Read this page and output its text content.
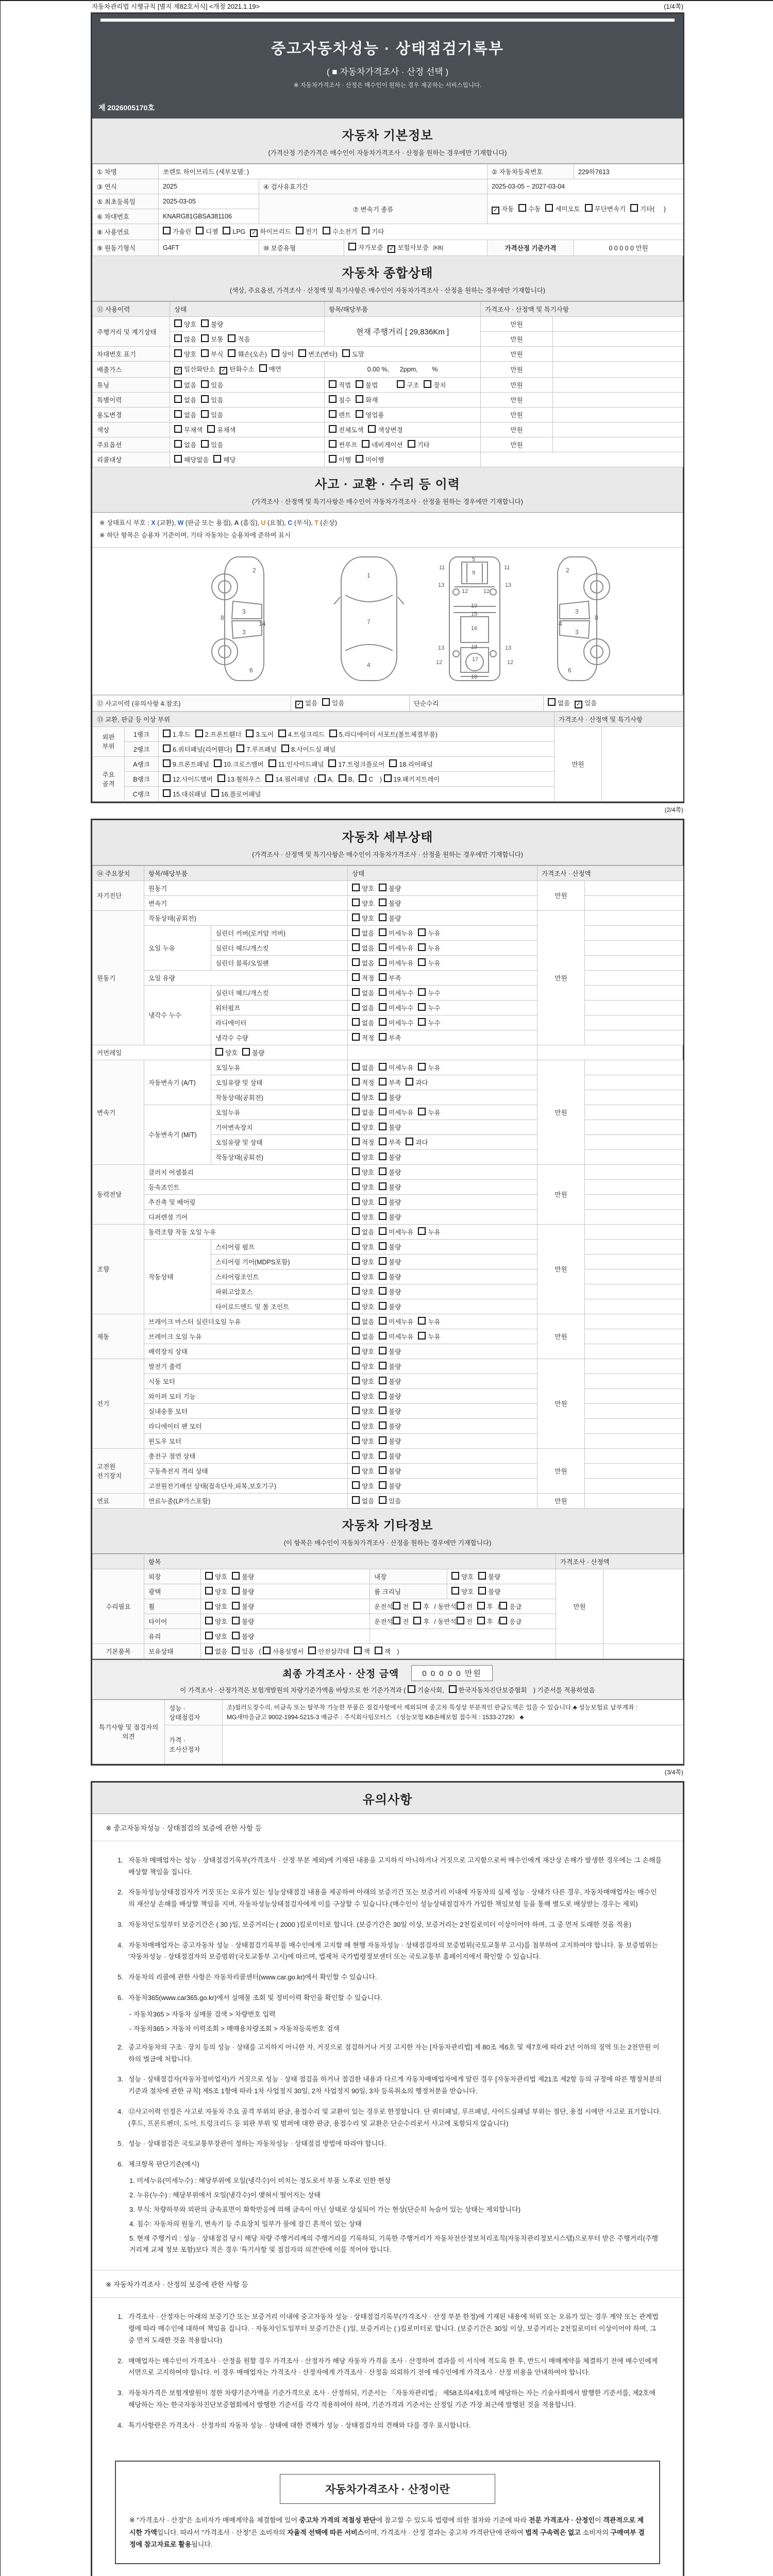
자동차관리법 시행규칙 [별지 제82호서식] <개정 2021.1.19>	(1/4쪽)
중고자동차성능 · 상태점검기록부
( ■ 자동차가격조사 · 산정 선택 )
※ 자동차가격조사 · 산정은 매수인이 원하는 경우 제공하는 서비스입니다.
제 2026005170호
자동차 기본정보
(가격산정 기준가격은 매수인이 자동차가격조사 · 산정을 원하는 경우에만 기재합니다)
① 차명	쏘렌토 하이브리드 (세부모델: )			② 자동차등록번호	229하7613
③ 연식	2025	④ 검사유효기간		2025-03-05 ~ 2027-03-04	
⑤ 최초등록일	2025-03-05	⑦ 변속기 종류		✓ 자동 수동 세미오토 무단변속기 기타(     )	
⑥ 차대번호	KNARG81GBSA381106				
⑧ 사용연료	가솔린 디젤 LPG ✓ 하이브리드 전기 수소전기 기타				
⑨ 원동기형식	G4FT	⑩ 보증유형	자가보증 ✓ 보험사보증 [KB]	가격산정 기준가격	0 0 0 0 0 만원
자동차 종합상태
(색상, 주요옵션, 가격조사 · 산정액 및 특기사항은 매수인이 자동차가격조사 · 산정을 원하는 경우에만 기재합니다)
⑪ 사용이력	상태	항목/해당부품	가격조사 · 산정액 및 특기사항	
주행거리 및 계기상태	양호 불량	현재 주행거리 [ 29,836Km ]	만원	
	많음 보통 적음		만원	
차대번호 표기	양호 부식 훼손(오손) 상이 변조(변타) 도말		만원	
배출가스	✓ 일산화탄소 ✓ 탄화수소 매연	0.00 %,      2ppm,        %	만원	
튜닝	없음 있음	적법 불법 구조 장치	만원	
특별이력	없음 있음	침수 화재	만원	
용도변경	없음 있음	렌트 영업용	만원	
색상	무채색 유채색	전체도색 색상변경	만원	
주요옵션	없음 있음	썬루프 네비게이션 기타	만원	
리콜대상	해당없음 해당	이행 미이행		
사고 · 교환 · 수리 등 이력
(가격조사 · 산정액 및 특기사항은 매수인이 자동차가격조사 · 산정을 원하는 경우에만 기재합니다)
※ 상태표시 부호 : X (교환), W (판금 또는 용접), A (흠집), U (요철), C (부식), T (손상)
※ 하단 항목은 승용차 기준이며, 기타 자동차는 승용차에 준하여 표시
2
8
3
14
3
6
1
7
4
5
9
11	11
13	13
12	12
10
15
16
13	13
12	12
19
17
18
2
8
3
4
3
6
⑫ 사고이력 (유의사항 4.참조)	✓ 없음 있음	단순수리	없음 ✓ 있음
⑬ 교환, 판금 등 이상 부위			가격조사 · 산정액 및 특기사항	
외판 부위	1랭크	1.후드 2.프론트휀더 3.도어 4.트렁크리드 5.라디에이터 서포트(볼트체결부품)	만원	
	2랭크	6.쿼터패널(리어휀다) 7.루프패널 8.사이드실 패널		
주요 골격	A랭크	9.프론트패널 10.크로스멤버 11.인사이드패널 17.트렁크플로어 18.리어패널		
	B랭크	12.사이드멤버 13.휠하우스 14.필러패널 ( A, B, C ) 19.패키지트레이		
	C랭크	15.대쉬패널 16.플로어패널		
(2/4쪽)
자동차 세부상태
(가격조사 · 산정액 및 특기사항은 매수인이 자동차가격조사 · 산정을 원하는 경우에만 기재합니다)
⑭ 주요장치	항목/해당부품		상태	가격조사 · 산정액	
자기진단	원동기		양호 불량	만원	
	변속기		양호 불량		
원동기	작동상태(공회전)		양호 불량	만원	
	오일 누유	실린더 커버(로커암 커버)	없음 미세누유 누유		
		실린더 헤드/개스킷	없음 미세누유 누유		
		실린더 블록/오일팬	없음 미세누유 누유		
	오일 유량		적정 부족		
	냉각수 누수	실린더 헤드/개스킷	없음 미세누수 누수		
		워터펌프	없음 미세누수 누수		
		라디에이터	없음 미세누수 누수		
		냉각수 수량	적정 부족		
커먼레일		양호 불량			
변속기	자동변속기 (A/T)	오일누유	없음 미세누유 누유	만원	
		오일유량 및 상태	적정 부족 과다		
		작동상태(공회전)	양호 불량		
	수동변속기 (M/T)	오일누유	없음 미세누유 누유		
		기어변속장치	양호 불량		
		오일유량 및 상태	적정 부족 과다		
		작동상태(공회전)	양호 불량		
동력전달	클러치 어셈블리		양호 불량	만원	
	등속죠인트		양호 불량		
	추진축 및 베어링		양호 불량		
	디퍼렌셜 기어		양호 불량		
조향	동력조향 작동 오일 누유		없음 미세누유 누유	만원	
	작동상태	스티어링 펌프	양호 불량		
		스티어링 기어(MDPS포함)	양호 불량		
		스티어링조인트	양호 불량		
		파워고압호스	양호 불량		
		타이로드엔드 및 볼 조인트	양호 불량		
제동	브레이크 마스터 실린더오일 누유		없음 미세누유 누유	만원	
	브레이크 오일 누유		없음 미세누유 누유		
	배력장치 상태		양호 불량		
전기	발전기 출력		양호 불량	만원	
	시동 모터		양호 불량		
	와이퍼 모터 기능		양호 불량		
	실내송풍 모터		양호 불량		
	라디에이터 팬 모터		양호 불량		
	윈도우 모터		양호 불량		
고전원 전기장치	충전구 절연 상태		양호 불량	만원	
	구동축전지 격리 상태		양호 불량		
	고전원전기배선 상태(접속단자,피복,보호기구)		양호 불량		
연료	연료누출(LP가스포함)		없음 있음	만원	
자동차 기타정보
(이 항목은 매수인이 자동차가격조사 · 산정을 원하는 경우에만 기재합니다)
	항목				가격조사 · 산정액	
수리필요	외장	양호 불량	내장	양호 불량	만원	
	광택	양호 불량	룸 크리닝	양호 불량		
	휠	양호 불량	운전석 전 후 / 동반석 전 후 / 응급			
	타이어	양호 불량	운전석 전 후 / 동반석 전 후 / 응급			
	유리	양호 불량				
기본품목	보유상태	없음 있음 ( 사용설명서 안전삼각대 잭 잭 )				
최종 가격조사 · 산정 금액	0 0 0 0 0 만원
이 가격조사 · 산정가격은 보험개발원의 차량기준가액을 바탕으로 한 기준가격과 ( 기술사회, 한국자동차진단보증협회 ) 기준서를 적용하였음
특기사항 및 점검자의 의견	성능 · 상태점검자	조)필러도장수리, 비금속 또는 탈부착 가능한 부품은 점검사항에서 제외되며 중고차 특성상 부분적인 판금도색은 있을 수 있습니다.♣ 성능보험료 납부계좌 : MG새마을금고 9002-1994-5215-3 예금주 : 주식회사팀모터스 《성능보험 KB손해보험 접수처 : 1533-2729》 ♣
	가격 · 조사산정자	
(3/4쪽)
유의사항
※ 중고자동차성능 · 상태점검의 보증에 관한 사항 등
1. 자동차 매매업자는 성능 · 상태점검기록부(가격조사 · 산정 부분 제외)에 기재된 내용을 고지하지 아니하거나 거짓으로 고지함으로써 매수인에게 재산상 손해가 발생한 경우에는 그 손해를 배상할 책임을 집니다.
2. 자동차성능상태점검자가 거짓 또는 오류가 있는 성능상태점검 내용을 제공하여 아래의 보증기간 또는 보증거리 이내에 자동차의 실제 성능 · 상태가 다른 경우, 자동차매매업자는 매수인의 재산상 손해를 배상할 책임을 지며, 자동차성능상태점검자에게 이를 구상할 수 있습니다.(매수인이 성능상태점검자가 가입한 책임보험 등을 통해 별도로 배상받는 경우는 제외)
3. 자동차인도일부터 보증기간은 ( 30 )일, 보증거리는 ( 2000 )킬로미터로 합니다. (보증기간은 30일 이상, 보증거리는 2천킬로미터 이상이어야 하며, 그 중 먼저 도래한 것을 적용)
4. 자동차매매업자는 중고자동차 성능 · 상태점검기록부를 매수인에게 고지할 때 현행 자동차성능 · 상태점검자의 보증범위(국토교통부 고시)를 첨부하여 고지하여야 합니다. 동 보증범위는 '자동차성능 · 상태점검자의 보증범위'(국토교통부 고시)에 따르며, 법제처 국가법령정보센터 또는 국토교통부 홈페이지에서 확인할 수 있습니다.
5. 자동차의 리콜에 관한 사항은 자동차리콜센터(www.car.go.kr)에서 확인할 수 있습니다.
6. 자동차365(www.car365.go.kr)에서 실매물 조회 및 정비이력 확인을 확인할 수 있습니다.
- 자동차365 > 자동차 실매물 검색 > 차량번호 입력
- 자동차365 > 자동차 이력조회 > 매매용차량조회 > 자동차등록번호 검색
2. 중고자동차의 구조 · 장치 등의 성능 · 상태를 고지하지 아니한 자, 거짓으로 점검하거나 거짓 고지한 자는 [자동차관리법] 제 80조 제6호 및 제7호에 따라 2년 이하의 징역 또는 2천만원 이하의 벌금에 처합니다.
3. 성능 · 상태점검자(자동차정비업자)가 거짓으로 성능 · 상태 점검을 하거나 점검한 내용과 다르게 자동차매매업자에게 알린 경우 [자동차관리법 제21조 제2항 등의 규정에 따른 행정처분의 기준과 절차에 관한 규칙] 제5조 1항에 따라 1차 사업정지 30일, 2차 사업정지 90일, 3차 등록취소의 행정처분을 받습니다.
4. ⑫사고이력 인정은 사고로 자동차 주요 골격 부위의 판금, 용접수리 및 교환이 있는 경우로 한정합니다. 단 쿼터패널, 루프패널, 사이드실패널 부위는 절단, 용접 시에만 사고로 표기합니다. (후드, 프론트펜더, 도어, 트렁크리드 등 외판 부위 및 범퍼에 대한 판금, 용접수리 및 교환은 단순수리로서 사고에 포함되지 않습니다)
5. 성능 · 상태점검은 국토교통부장관이 정하는 자동차성능 · 상태점검 방법에 따라야 합니다.
6. 체크항목 판단기준(예시)
1. 미세누유(미세누수) : 해당부위에 오일(냉각수)이 비치는 정도로서 부품 노후로 인한 현상
2. 누유(누수) : 해당부위에서 오일(냉각수)이 맺혀서 떨어지는 상태
3. 부식: 차량하부와 외판의 금속표면이 화학반응에 의해 금속이 아닌 상태로 상실되어 가는 현상(단순히 녹슬어 있는 상태는 제외합니다)
4. 침수: 자동차의 원동기, 변속기 등 주요장치 일부가 물에 잠긴 흔적이 있는 상태
5. 현재 주행거리 : 성능 · 상태점검 당시 해당 차량 주행거리계의 주행거리를 기록하되, 기록한 주행거리가 자동차전산정보처리조직(자동차관리정보시스템)으로부터 받은 주행거리(주행거리계 교체 정보 포함)보다 적은 경우 '특기사항 및 점검자의 의견'란에 이를 적어야 합니다.
※ 자동차가격조사 · 산정의 보증에 관한 사항 등
1. 가격조사 · 산정자는 아래의 보증기간 또는 보증거리 이내에 중고자동차 성능 · 상태점검기록부(가격조사 · 산정 부분 한정)에 기재된 내용에 허위 또는 오류가 있는 경우 계약 또는 관계법령에 따라 매수인에 대하여 책임을 집니다. · 자동차인도일부터 보증기간은 ( )일, 보증거리는 ( )킬로미터로 합니다. (보증기간은 30일 이상, 보증거리는 2천킬로미터 이상이어야 하며, 그 중 먼저 도래한 것을 적용합니다)
2. 매매업자는 매수인이 가격조사 · 산정을 원할 경우 가격조사 · 산정자가 해당 자동차 가격을 조사 · 산정하여 결과를 이 서식에 적도록 한 후, 반드시 매매계약을 체결하기 전에 매수인에게 서면으로 고지하여야 합니다. 이 경우 매매업자는 가격조사 · 산정자에게 가격조사 · 산정을 의뢰하기 전에 매수인에게 가격조사 · 산정 비용을 안내하여야 합니다.
3. 자동차가격은 보험개발원이 정한 차량기준가액을 기준가격으로 조사 · 산정하되, 기준서는 「자동차관리법」 제58조의4제1호에 해당하는 자는 기술사회에서 발행한 기준서를, 제2호에 해당하는 자는 한국자동차진단보증협회에서 발행한 기준서를 각각 적용하여야 하며, 기준가격과 기준서는 산정일 기준 가장 최근에 발행된 것을 적용합니다.
4. 특기사항란은 가격조사 · 산정자의 자동차 성능 · 상태에 대한 견해가 성능 · 상태점검자의 견해와 다를 경우 표시합니다.
자동차가격조사 · 산정이란
※ "가격조사 · 산정"은 소비자가 매매계약을 체결함에 있어 중고차 가격의 적절성 판단에 참고할 수 있도록 법령에 의한 절차와 기준에 따라 전문 가격조사 · 산정인이 객관적으로 제시한 가액입니다. 따라서 "가격조사 · 산정"은 소비자의 자율적 선택에 따른 서비스이며, 가격조사 · 산정 결과는 중고차 가격판단에 관하여 법적 구속력은 없고 소비자의 구매여부 결정에 참고자료로 활용됩니다.
